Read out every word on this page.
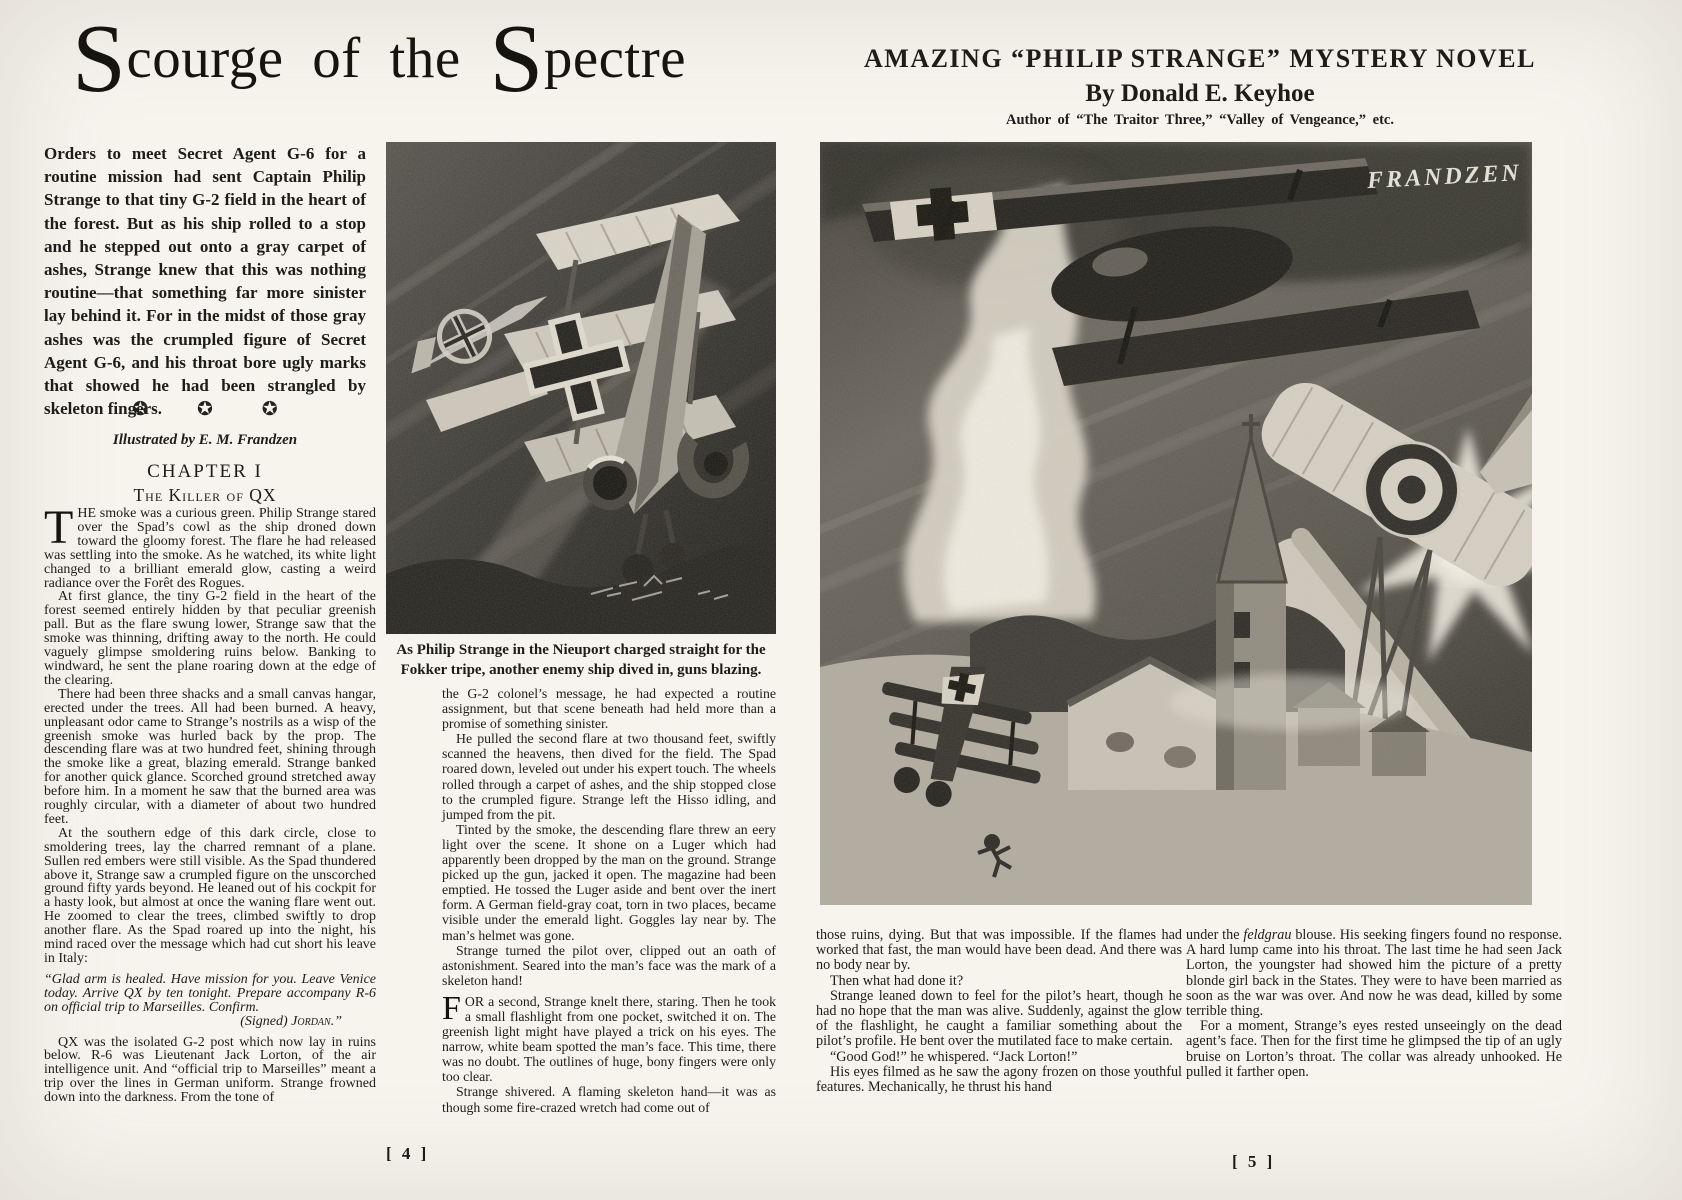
Scourge of the Spectre
Orders to meet Secret Agent G-6 for a routine mission had sent Captain Philip Strange to that tiny G-2 field in the heart of the forest. But as his ship rolled to a stop and he stepped out onto a gray carpet of ashes, Strange knew that this was nothing routine—that something far more sinister lay behind it. For in the midst of those gray ashes was the crumpled figure of Secret Agent G-6, and his throat bore ugly marks that showed he had been strangled by skeleton fingers.
✪ ✪ ✪
Illustrated by E. M. Frandzen
CHAPTER I
The Killer of QX

THE smoke was a curious green. Philip Strange stared over the Spad’s cowl as the ship droned down toward the gloomy forest. The flare he had released was settling into the smoke. As he watched, its white light changed to a brilliant emerald glow, casting a weird radiance over the Forêt des Rogues.

At first glance, the tiny G-2 field in the heart of the forest seemed entirely hidden by that peculiar greenish pall. But as the flare swung lower, Strange saw that the smoke was thinning, drifting away to the north. He could vaguely glimpse smoldering ruins below. Banking to windward, he sent the plane roaring down at the edge of the clearing.

There had been three shacks and a small canvas hangar, erected under the trees. All had been burned. A heavy, unpleasant odor came to Strange’s nostrils as a wisp of the greenish smoke was hurled back by the prop. The descending flare was at two hundred feet, shining through the smoke like a great, blazing emerald. Strange banked for another quick glance. Scorched ground stretched away before him. In a moment he saw that the burned area was roughly circular, with a diameter of about two hundred feet.

At the southern edge of this dark circle, close to smoldering trees, lay the charred remnant of a plane. Sullen red embers were still visible. As the Spad thundered above it, Strange saw a crumpled figure on the unscorched ground fifty yards beyond. He leaned out of his cockpit for a hasty look, but almost at once the waning flare went out. He zoomed to clear the trees, climbed swiftly to drop another flare. As the Spad roared up into the night, his mind raced over the message which had cut short his leave in Italy:

“Glad arm is healed. Have mission for you. Leave Venice today. Arrive QX by ten tonight. Prepare accompany R-6 on official trip to Marseilles. Confirm.

(Signed) Jordan.”

QX was the isolated G-2 post which now lay in ruins below. R-6 was Lieutenant Jack Lorton, of the air intelligence unit. And “official trip to Marseilles” meant a trip over the lines in German uniform. Strange frowned down into the darkness. From the tone of

As Philip Strange in the Nieuport charged straight for the Fokker tripe, another enemy ship dived in, guns blazing.

the G-2 colonel’s message, he had expected a routine assignment, but that scene beneath had held more than a promise of something sinister.

He pulled the second flare at two thousand feet, swiftly scanned the heavens, then dived for the field. The Spad roared down, leveled out under his expert touch. The wheels rolled through a carpet of ashes, and the ship stopped close to the crumpled figure. Strange left the Hisso idling, and jumped from the pit.

Tinted by the smoke, the descending flare threw an eery light over the scene. It shone on a Luger which had apparently been dropped by the man on the ground. Strange picked up the gun, jacked it open. The magazine had been emptied. He tossed the Luger aside and bent over the inert form. A German field-gray coat, torn in two places, became visible under the emerald light. Goggles lay near by. The man’s helmet was gone.

Strange turned the pilot over, clipped out an oath of astonishment. Seared into the man’s face was the mark of a skeleton hand!

FOR a second, Strange knelt there, staring. Then he took a small flashlight from one pocket, switched it on. The greenish light might have played a trick on his eyes. The narrow, white beam spotted the man’s face. This time, there was no doubt. The outlines of huge, bony fingers were only too clear.

Strange shivered. A flaming skeleton hand—it was as though some fire-crazed wretch had come out of

[ 4 ]
AMAZING “PHILIP STRANGE” MYSTERY NOVEL
By Donald E. Keyhoe
Author of “The Traitor Three,” “Valley of Vengeance,” etc.

those ruins, dying. But that was impossible. If the flames had worked that fast, the man would have been dead. And there was no body near by.

Then what had done it?

Strange leaned down to feel for the pilot’s heart, though he had no hope that the man was alive. Suddenly, against the glow of the flashlight, he caught a familiar something about the pilot’s profile. He bent over the mutilated face to make certain.

“Good God!” he whispered. “Jack Lorton!”

His eyes filmed as he saw the agony frozen on those youthful features. Mechanically, he thrust his hand

under the feldgrau blouse. His seeking fingers found no response. A hard lump came into his throat. The last time he had seen Jack Lorton, the youngster had showed him the picture of a pretty blonde girl back in the States. They were to have been married as soon as the war was over. And now he was dead, killed by some terrible thing.

For a moment, Strange’s eyes rested unseeingly on the dead agent’s face. Then for the first time he glimpsed the tip of an ugly bruise on Lorton’s throat. The collar was already unhooked. He pulled it farther open.

[ 5 ]
